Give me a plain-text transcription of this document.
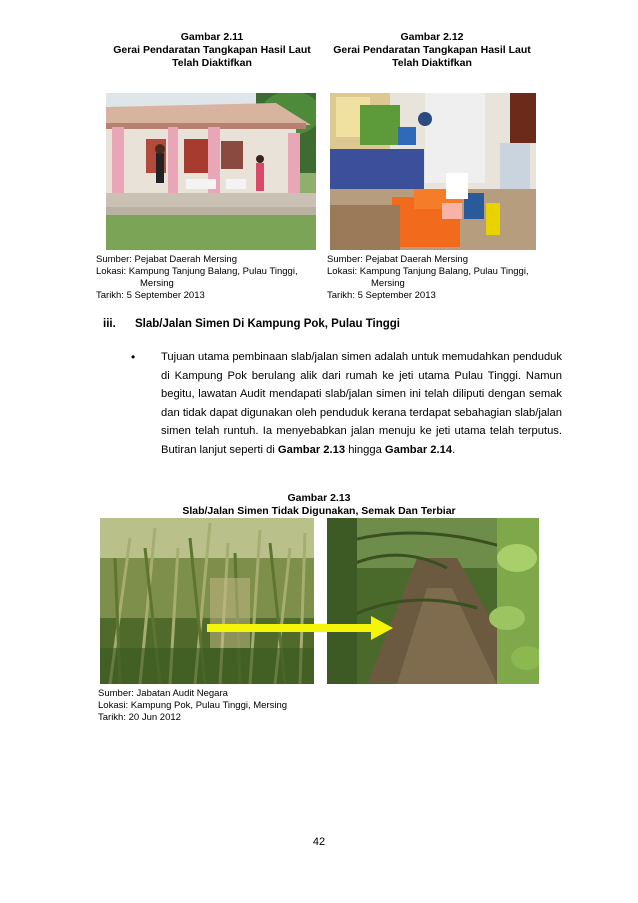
Gambar 2.11
Gerai Pendaratan Tangkapan Hasil Laut
Telah Diaktifkan
Gambar 2.12
Gerai Pendaratan Tangkapan Hasil Laut
Telah Diaktifkan
Sumber: Pejabat Daerah Mersing
Lokasi: Kampung Tanjung Balang, Pulau Tinggi,
Mersing
Tarikh: 5 September 2013
Sumber: Pejabat Daerah Mersing
Lokasi: Kampung Tanjung Balang, Pulau Tinggi,
Mersing
Tarikh: 5 September 2013
iii. Slab/Jalan Simen Di Kampung Pok, Pulau Tinggi
• Tujuan utama pembinaan slab/jalan simen adalah untuk memudahkan penduduk di Kampung Pok berulang alik dari rumah ke jeti utama Pulau Tinggi. Namun begitu, lawatan Audit mendapati slab/jalan simen ini telah diliputi dengan semak dan tidak dapat digunakan oleh penduduk kerana terdapat sebahagian slab/jalan simen telah runtuh. Ia menyebabkan jalan menuju ke jeti utama telah terputus. Butiran lanjut seperti di Gambar 2.13 hingga Gambar 2.14.
Gambar 2.13
Slab/Jalan Simen Tidak Digunakan, Semak Dan Terbiar
Sumber: Jabatan Audit Negara
Lokasi: Kampung Pok, Pulau Tinggi, Mersing
Tarikh: 20 Jun 2012
42
